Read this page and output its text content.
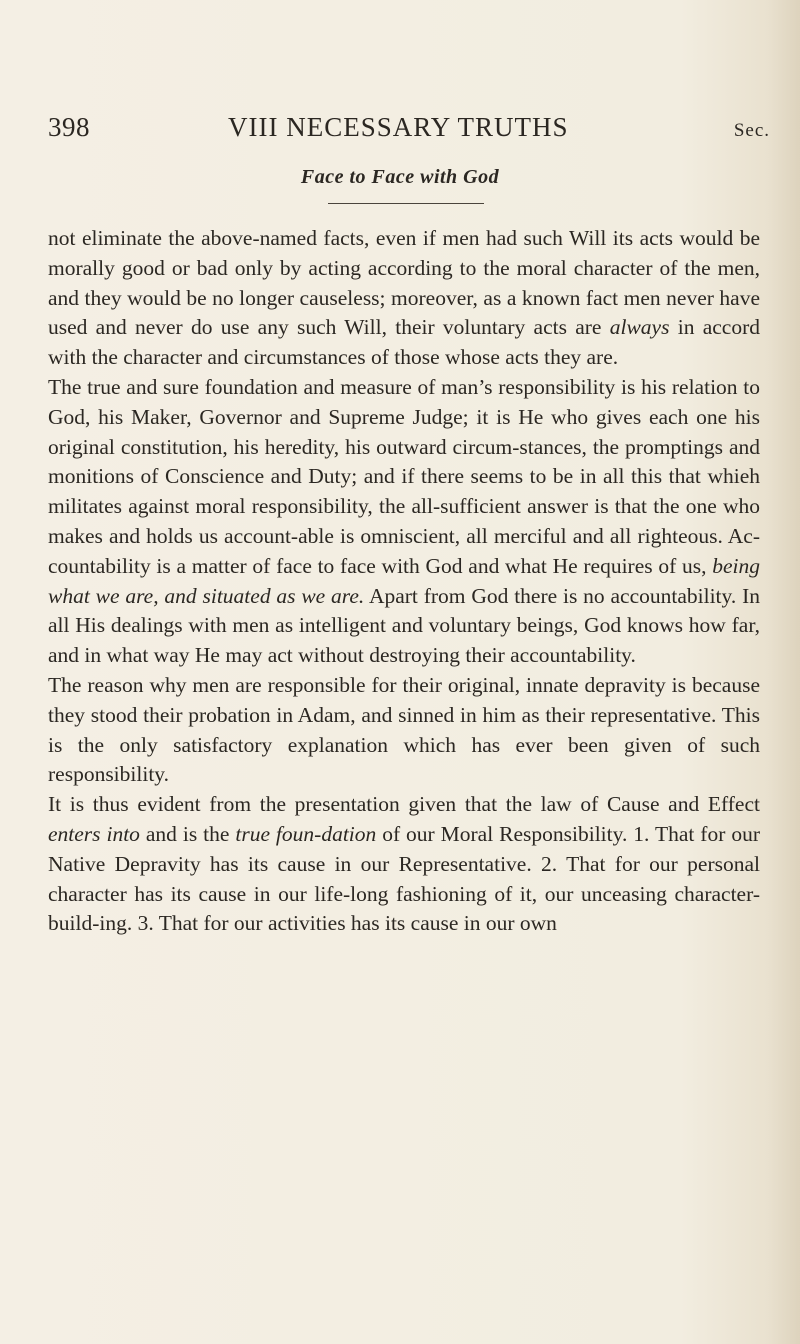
398	VIII NECESSARY TRUTHS	Sec.
Face to Face with God

not eliminate the above-named facts, even if men had such Will its acts would be morally good or bad only by acting according to the moral character of the men, and they would be no longer causeless; moreover, as a known fact men never have used and never do use any such Will, their voluntary acts are always in accord with the character and circumstances of those whose acts they are.

The true and sure foundation and measure of man’s responsibility is his relation to God, his Maker, Governor and Supreme Judge; it is He who gives each one his original constitution, his heredity, his outward circum-stances, the promptings and monitions of Conscience and Duty; and if there seems to be in all this that whieh militates against moral responsibility, the all-sufficient answer is that the one who makes and holds us account-able is omniscient, all merciful and all righteous. Ac-countability is a matter of face to face with God and what He requires of us, being what we are, and situated as we are. Apart from God there is no accountability. In all His dealings with men as intelligent and voluntary beings, God knows how far, and in what way He may act without destroying their accountability.

The reason why men are responsible for their original, innate depravity is because they stood their probation in Adam, and sinned in him as their representative. This is the only satisfactory explanation which has ever been given of such responsibility.

It is thus evident from the presentation given that the law of Cause and Effect enters into and is the true foun-dation of our Moral Responsibility. 1. That for our Native Depravity has its cause in our Representative. 2. That for our personal character has its cause in our life-long fashioning of it, our unceasing character-build-ing. 3. That for our activities has its cause in our own
